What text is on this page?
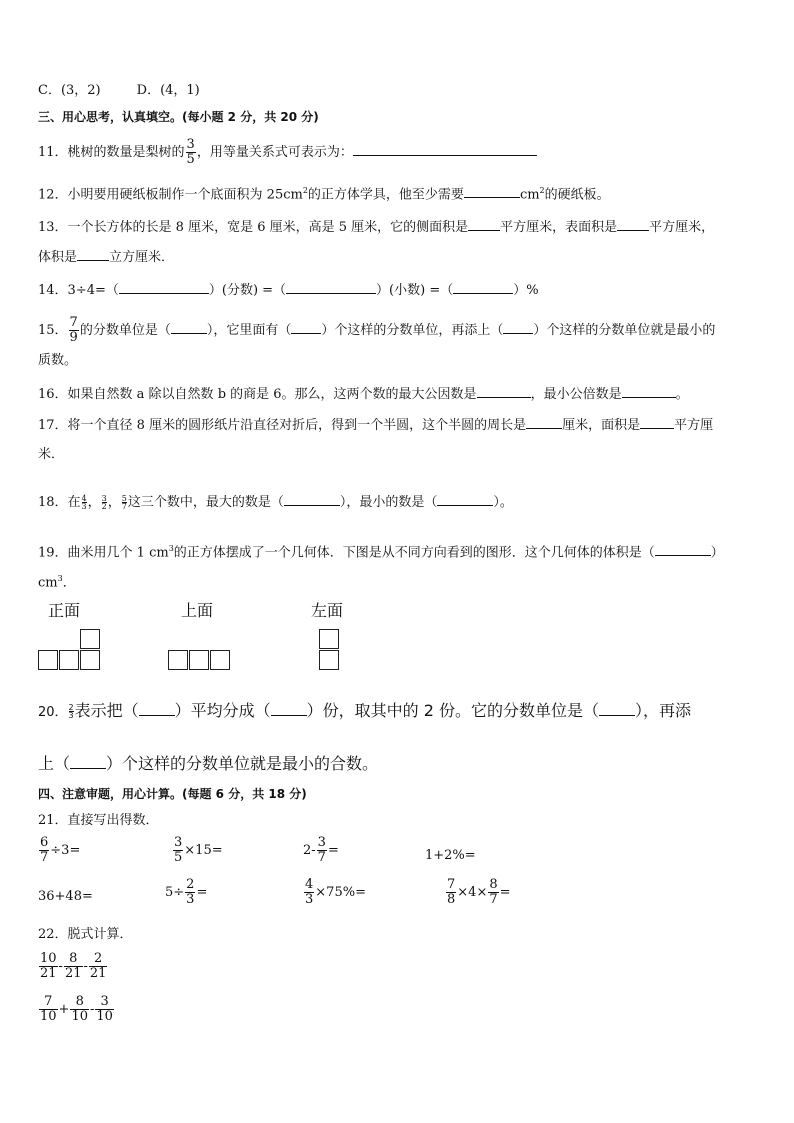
C．(3，2)	D．(4，1)
三、用心思考，认真填空。(每小题 2 分，共 20 分)
11．桃树的数量是梨树的 $\frac{3}{5}$ ，用等量关系式可表示为：
12．小明要用硬纸板制作一个底面积为 $25cm^2$的正方体学具，他至少需要	$cm^2$的硬纸板。
13．一个长方体的长是 8 厘米，宽是 6 厘米，高是 5 厘米，它的侧面积是 平方厘米，表面积是 平方厘米，
体积是 立方厘米．
14．3÷4=（	）(分数) =（	）(小数) =（	）%
15． $\frac{7}{9}$ 的分数单位是（	），它里面有（ ）个这样的分数单位，再添上（ ）个这样的分数单位就是最小的
质数。
16．如果自然数 a 除以自然数 b 的商是 6。那么，这两个数的最大公因数是	，最小公倍数是	。
17．将一个直径 8 厘米的圆形纸片沿直径对折后，得到一个半圆，这个半圆的周长是	厘米，面积是	平方厘
米．
18．在 $\frac{4}{3}$， $\frac{3}{2}$， $\frac{5}{7}$这三个数中，最大的数是（	），最小的数是（	）。
19．曲米用几个 1 $cm^3$的正方体摆成了一个几何体．下图是从不同方向看到的图形．这个几何体的体积是（	）
$cm^3$．
正面	上面	左面
20． $\frac{2}{3}$表示把（ ）平均分成（ ）份，取其中的 2 份。它的分数单位是（ ），再添
上（ ）个这样的分数单位就是最小的合数。
四、注意审题，用心计算。(每题 6 分，共 18 分)
21．直接写出得数．
$\frac{6}{7} \div 3=$	$\frac{3}{5} \times 15=$	$2- \frac{3}{7}$ =	1+2%=
36+48=	$5\div \frac{2}{3}$ =	$\frac{4}{3} \times 75\%=$	$\frac{7}{8} \times 4\times \frac{8}{7}$ =
22．脱式计算．
$\frac{10}{21} - \frac{8}{21} - \frac{2}{21}$
$\frac{7}{10} + \frac{8}{10} - \frac{3}{10}$
